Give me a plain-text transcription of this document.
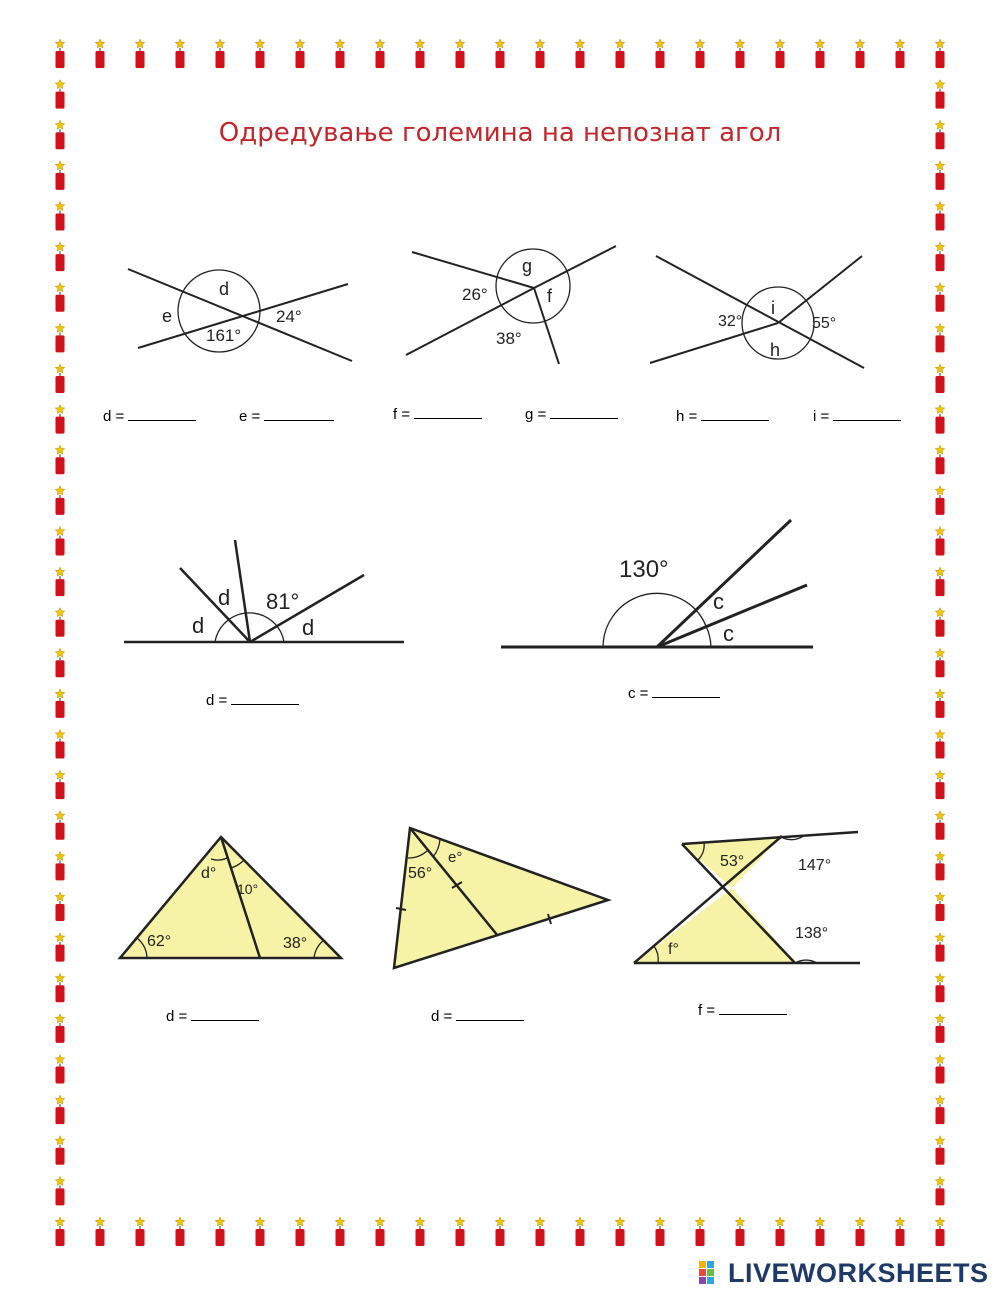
Одредување големина на непознат агол
d
e
161°
24°
g
26°	f
38°
i
32°	55°
h
d =	e =	f =	g =	h =	i =
d
d 81°
d
130°
c
c
d =	c =
d°
10°
62°	38°
56°
e°	53°	147°
138°
f°
d =	d =	f =
LIVEWORKSHEETS
